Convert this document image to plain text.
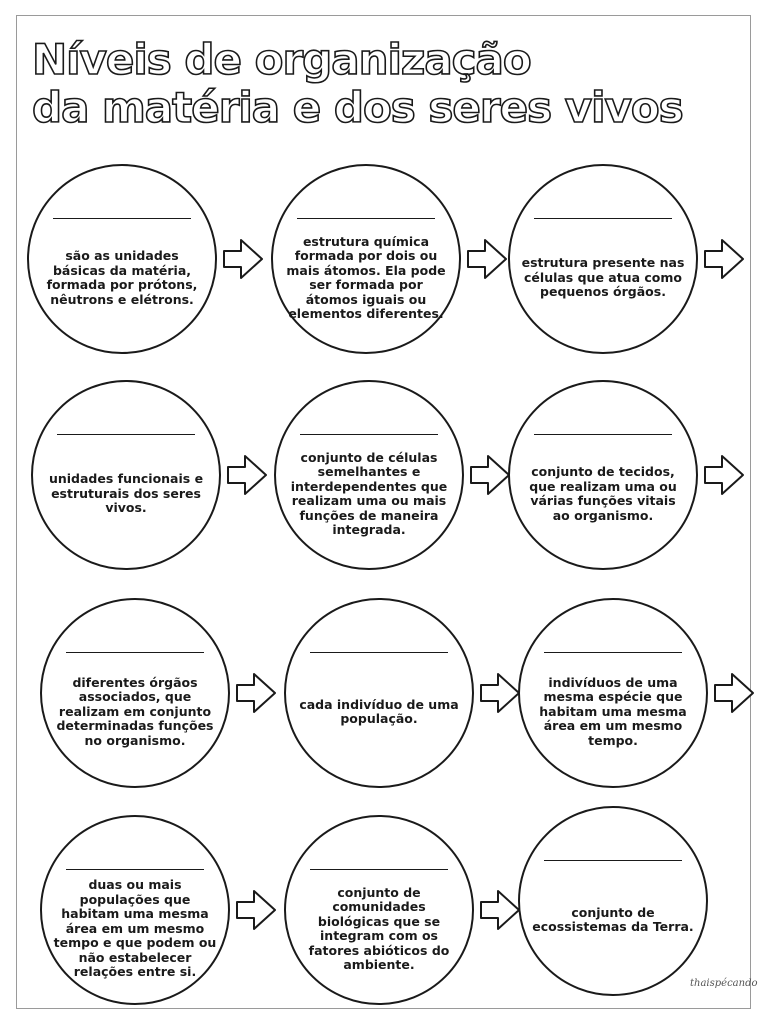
Níveis de organização
da matéria e dos seres vivos
são as unidades básicas da matéria, formada por prótons, nêutrons e elétrons.
estrutura química formada por dois ou mais átomos. Ela pode ser formada por átomos iguais ou elementos diferentes.
estrutura presente nas células que atua como pequenos órgãos.
unidades funcionais e estruturais dos seres vivos.
conjunto de células semelhantes e interdependentes que realizam uma ou mais funções de maneira integrada.
conjunto de tecidos, que realizam uma ou várias funções vitais ao organismo.
diferentes órgãos associados, que realizam em conjunto determinadas funções no organismo.
cada indivíduo de uma população.
indivíduos de uma mesma espécie que habitam uma mesma área em um mesmo tempo.
duas ou mais populações que habitam uma mesma área em um mesmo tempo e que podem ou não estabelecer relações entre si.
conjunto de comunidades biológicas que se integram com os fatores abióticos do ambiente.
conjunto de ecossistemas da Terra.
thaispécando
